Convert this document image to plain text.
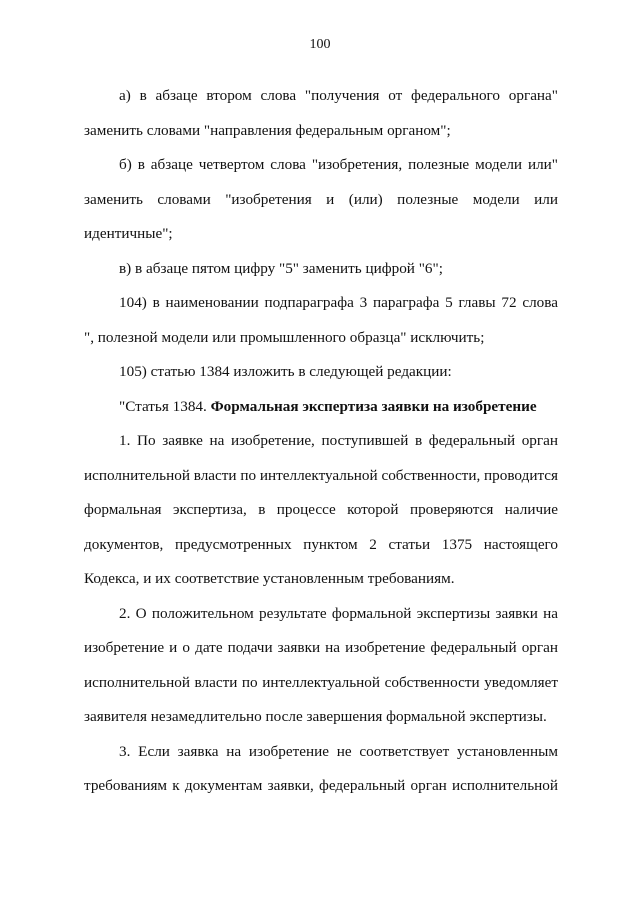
100
а) в абзаце втором слова "получения от федерального органа"
заменить словами "направления федеральным органом";
б) в абзаце четвертом слова "изобретения, полезные модели или"
заменить словами "изобретения и (или) полезные модели или
идентичные";
в) в абзаце пятом цифру "5" заменить цифрой "6";
104) в наименовании подпараграфа 3 параграфа 5 главы 72 слова
", полезной модели или промышленного образца" исключить;
105) статью 1384 изложить в следующей редакции:
"Статья 1384. Формальная экспертиза заявки на изобретение
1. По заявке на изобретение, поступившей в федеральный орган
исполнительной власти по интеллектуальной собственности, проводится
формальная экспертиза, в процессе которой проверяются наличие
документов, предусмотренных пунктом 2 статьи 1375 настоящего
Кодекса, и их соответствие установленным требованиям.
2. О положительном результате формальной экспертизы заявки на
изобретение и о дате подачи заявки на изобретение федеральный орган
исполнительной власти по интеллектуальной собственности уведомляет
заявителя незамедлительно после завершения формальной экспертизы.
3. Если заявка на изобретение не соответствует установленным
требованиям к документам заявки, федеральный орган исполнительной
